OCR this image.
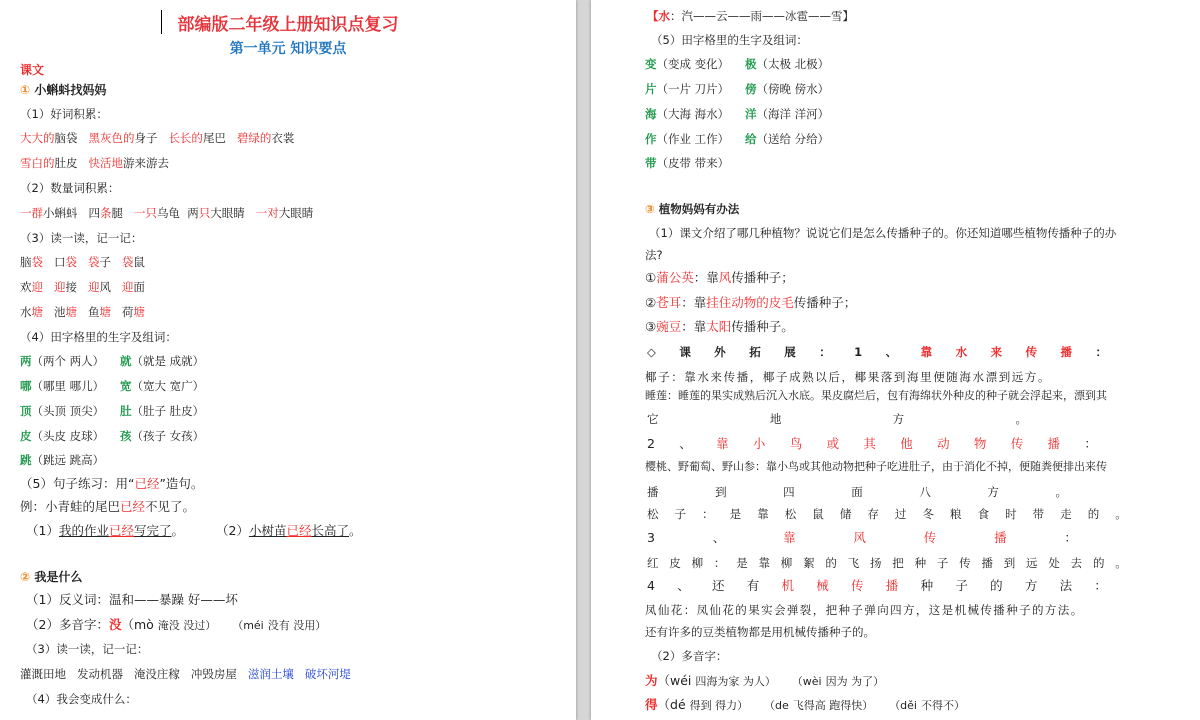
部编版二年级上册知识点复习
第一单元 知识要点
课文
① 小蝌蚪找妈妈
（1）好词积累：
大大的脑袋 黑灰色的身子 长长的尾巴 碧绿的衣裳
雪白的肚皮 快活地游来游去
（2）数量词积累：
一群小蝌蚪 四条腿 一只乌龟 两只大眼睛 一对大眼睛
（3）读一读，记一记：
脑袋 口袋 袋子 袋鼠
欢迎 迎接 迎风 迎面
水塘 池塘 鱼塘 荷塘
（4）田字格里的生字及组词：
两（两个 两人） 就（就是 成就）
哪（哪里 哪儿） 宽（宽大 宽广）
顶（头顶 顶尖） 肚（肚子 肚皮）
皮（头皮 皮球） 孩（孩子 女孩）
跳（跳远 跳高）
（5）句子练习：用“已经”造句。
例：小青蛙的尾巴已经不见了。
（1）我的作业已经写完了。	（2）小树苗已经长高了。
② 我是什么
（1）反义词：温和——暴躁 好——坏
（2）多音字：没（mò 淹没 没过） （méi 没有 没用）
（3）读一读，记一记：
灌溉田地 发动机器 淹没庄稼 冲毁房屋 滋润土壤 破坏河堤
（4）我会变成什么：
【水：汽——云——雨——冰雹——雪】
（5）田字格里的生字及组词：
变（变成 变化） 极（太极 北极）
片（一片 刀片） 傍（傍晚 傍水）
海（大海 海水） 洋（海洋 洋河）
作（作业 工作） 给（送给 分给）
带（皮带 带来）
③ 植物妈妈有办法
（1）课文介绍了哪几种植物？说说它们是怎么传播种子的。你还知道哪些植物传播种子的办
法?
①蒲公英：靠风传播种子；
②苍耳：靠挂住动物的皮毛传播种子；
③豌豆：靠太阳传播种子。
◇ 课 外 拓 展 ： 1 、 靠 水 来 传 播 ：
椰子：靠水来传播，椰子成熟以后，椰果落到海里便随海水漂到远方。
睡莲：睡莲的果实成熟后沉入水底。果皮腐烂后，包有海绵状外种皮的种子就会浮起来，漂到其
它	地	方	。
2 、 靠 小 鸟 或 其 他 动 物 传 播 ：
樱桃、野葡萄、野山参：靠小鸟或其他动物把种子吃进肚子，由于消化不掉，便随粪便排出来传
播	到	四	面	八	方	。
松 子 ： 是 靠 松 鼠 储 存 过 冬 粮 食 时 带 走 的 。
3	、	靠	风	传	播	：
红 皮 柳 ： 是 靠 柳 絮 的 飞 扬 把 种 子 传 播 到 远 处 去 的 。
4 、 还 有 机 械 传 播 种 子 的 方 法 ：
凤仙花：凤仙花的果实会弹裂，把种子弹向四方，这是机械传播种子的方法。
还有许多的豆类植物都是用机械传播种子的。
（2）多音字：
为（wéi 四海为家 为人） （wèi 因为 为了）
得（dé 得到 得力） （de 飞得高 跑得快） （děi 不得不）
